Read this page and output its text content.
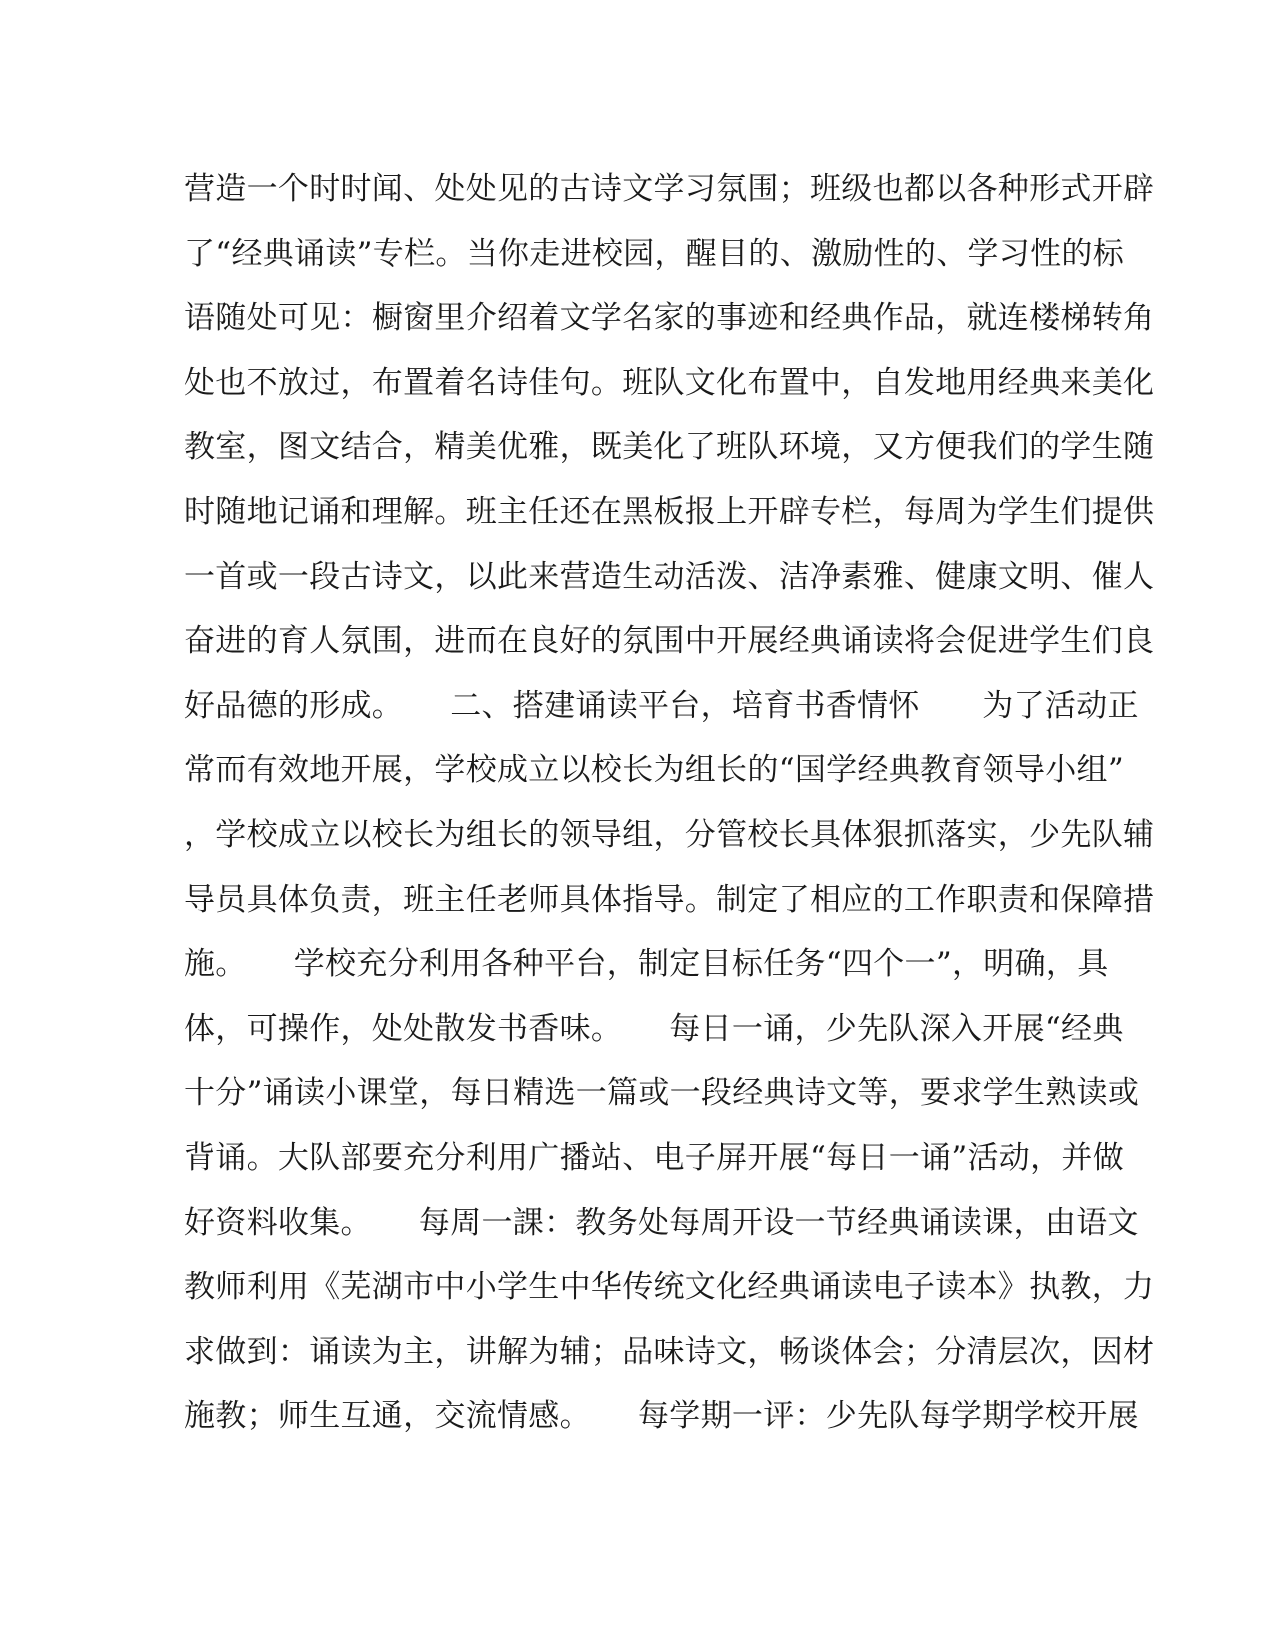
营造一个时时闻、处处见的古诗文学习氛围；班级也都以各种形式开辟
了“经典诵读”专栏。当你走进校园，醒目的、激励性的、学习性的标
语随处可见：橱窗里介绍着文学名家的事迹和经典作品，就连楼梯转角
处也不放过，布置着名诗佳句。班队文化布置中，自发地用经典来美化
教室，图文结合，精美优雅，既美化了班队环境，又方便我们的学生随
时随地记诵和理解。班主任还在黑板报上开辟专栏，每周为学生们提供
一首或一段古诗文，以此来营造生动活泼、洁净素雅、健康文明、催人
奋进的育人氛围，进而在良好的氛围中开展经典诵读将会促进学生们良
好品德的形成。　　二、搭建诵读平台，培育书香情怀　　为了活动正
常而有效地开展，学校成立以校长为组长的“国学经典教育领导小组”
，学校成立以校长为组长的领导组，分管校长具体狠抓落实，少先队辅
导员具体负责，班主任老师具体指导。制定了相应的工作职责和保障措
施。　　学校充分利用各种平台，制定目标任务“四个一”，明确，具
体，可操作，处处散发书香味。　　每日一诵，少先队深入开展“经典
十分”诵读小课堂，每日精选一篇或一段经典诗文等，要求学生熟读或
背诵。大队部要充分利用广播站、电子屏开展“每日一诵”活动，并做
好资料收集。　　每周一課：教务处每周开设一节经典诵读课，由语文
教师利用《芜湖市中小学生中华传统文化经典诵读电子读本》执教，力
求做到：诵读为主，讲解为辅；品味诗文，畅谈体会；分清层次，因材
施教；师生互通，交流情感。　　每学期一评：少先队每学期学校开展
